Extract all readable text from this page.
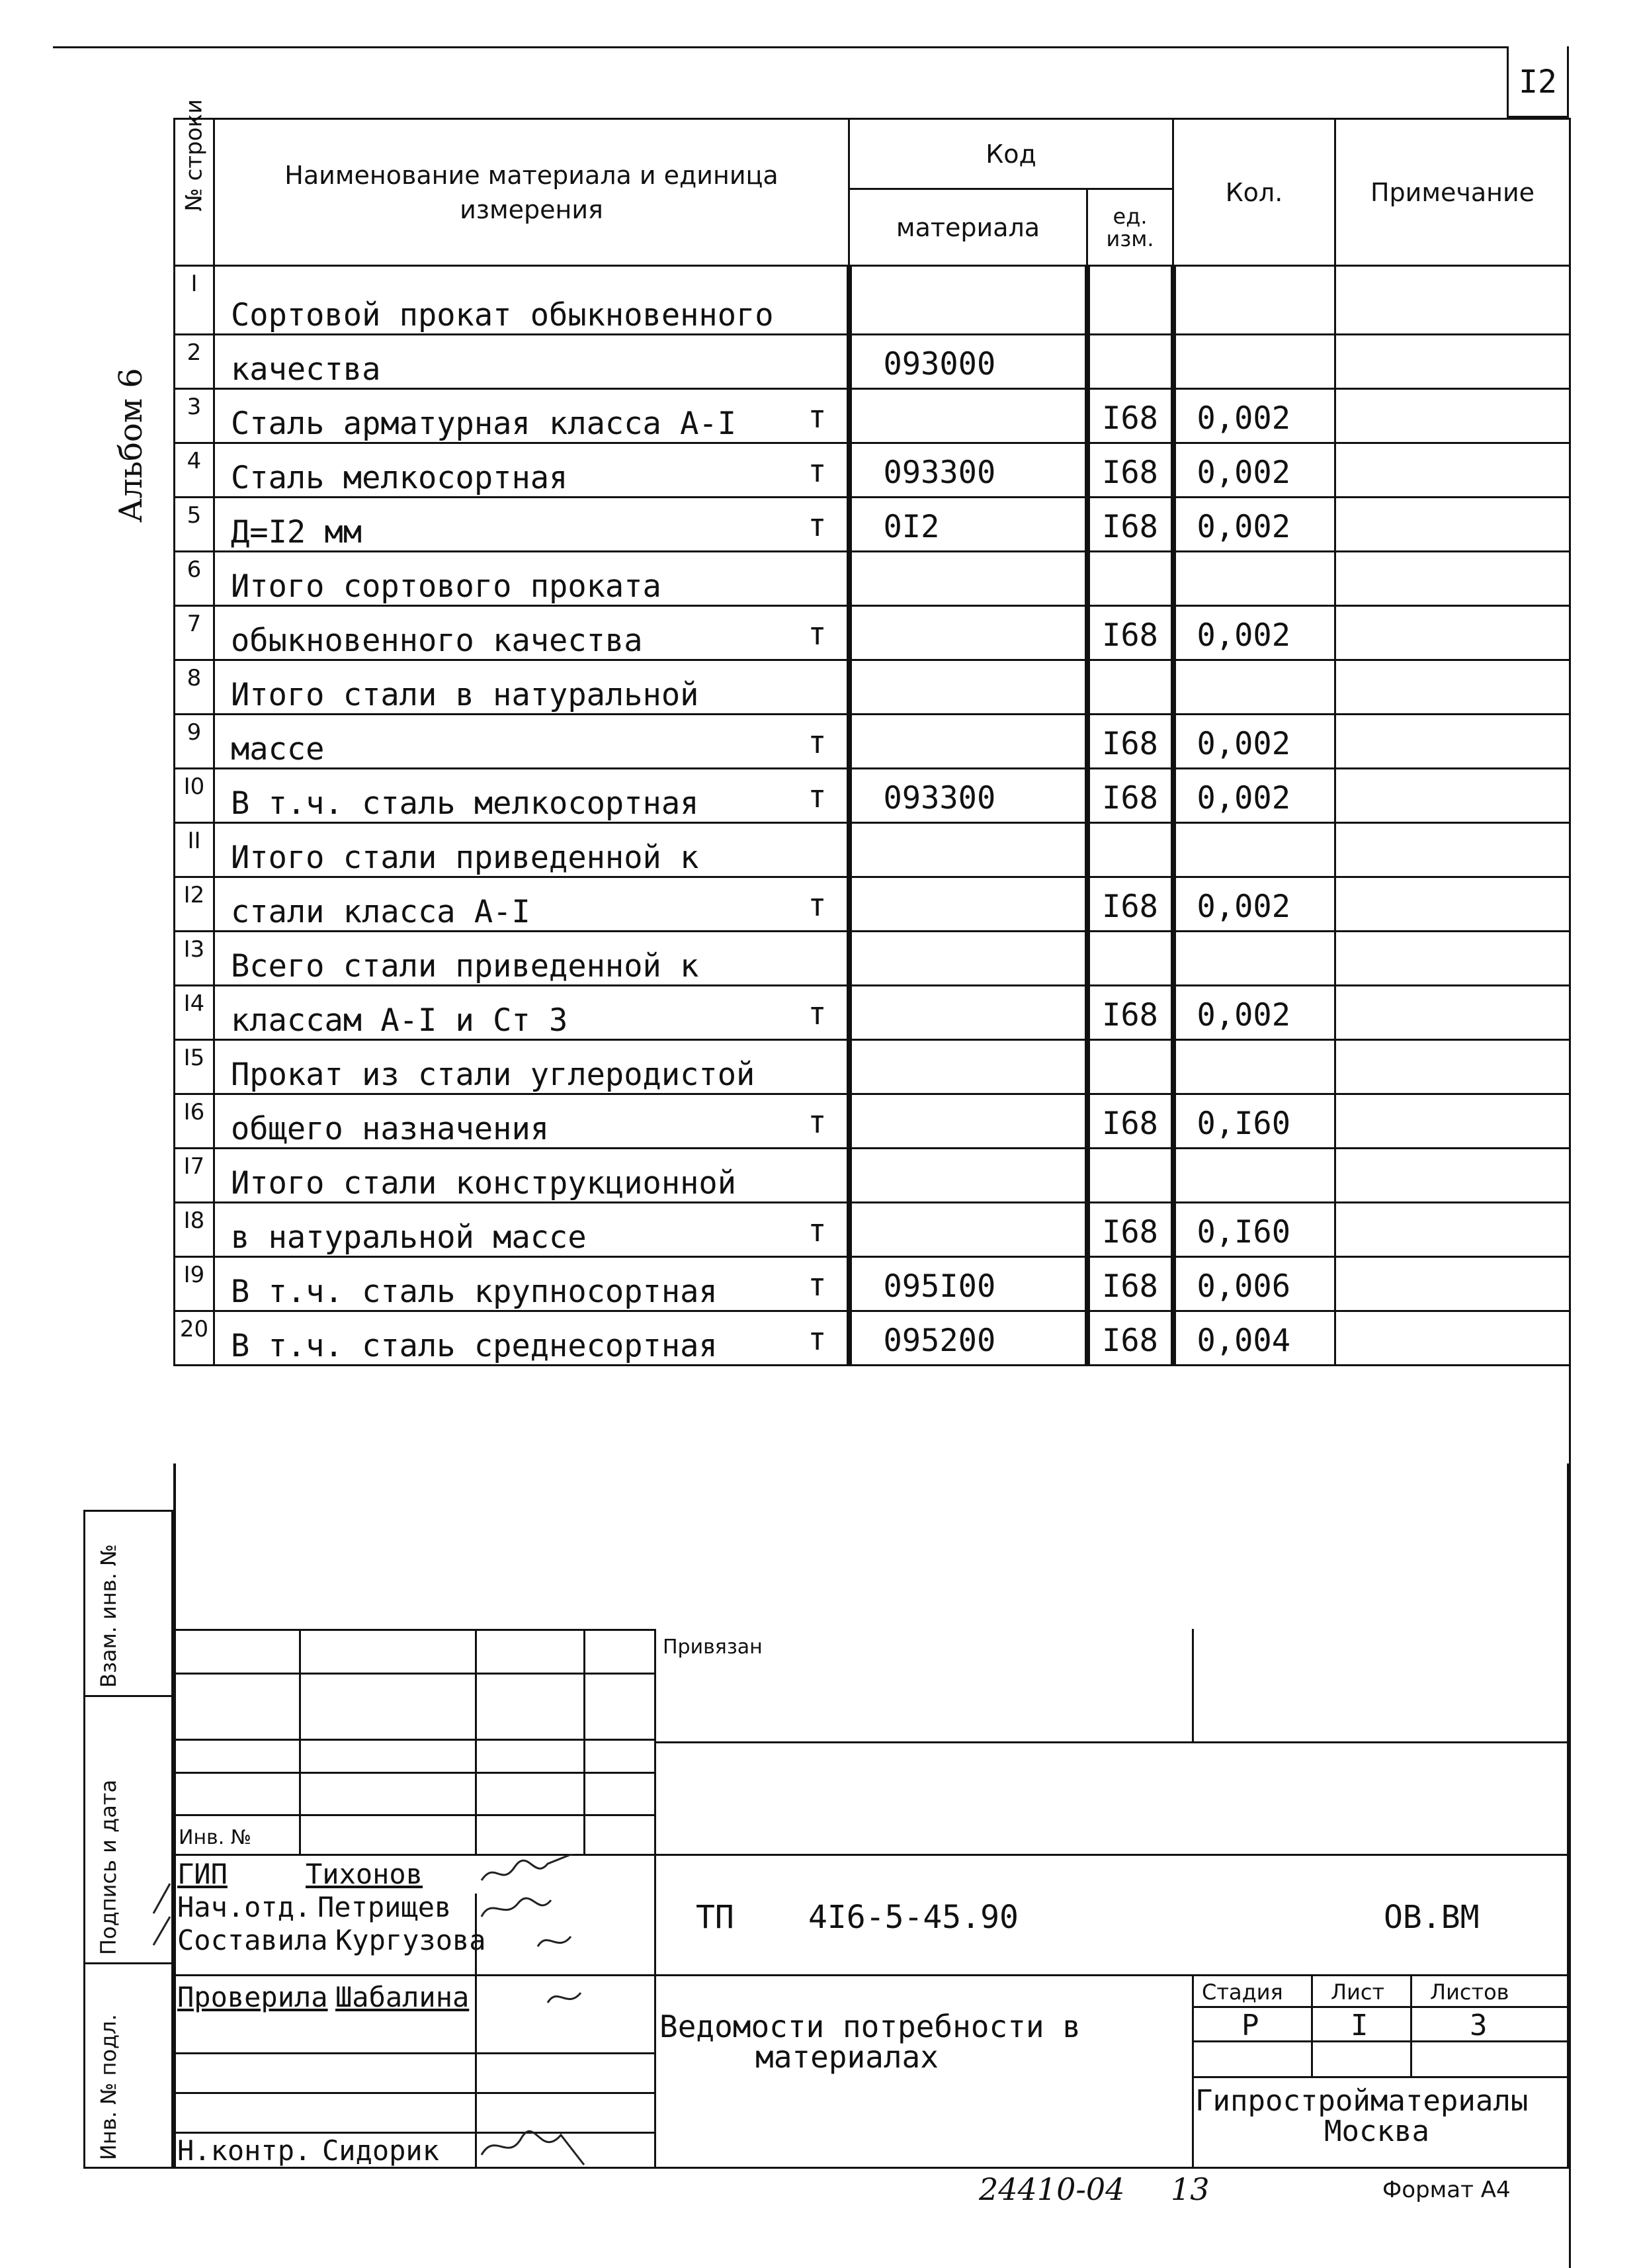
I2
Альбом 6
№ строки	Наименование материала и единица измерения	Код		Кол.	Примечание
		материала	ед. изм.		
I	Сортовой прокат обыкновенного

2	качества	093000			
3	Сталь арматурная класса А-I т		I68	0,002	
4	Сталь мелкосортная т	093300	I68	0,002	
5	Д=I2 мм т	0I2	I68	0,002	
6	Итого сортового проката

7	обыкновенного качества т		I68	0,002	
8	Итого стали в натуральной

9	массе т		I68	0,002	
I0	В т.ч. сталь мелкосортная т	093300	I68	0,002	
II	Итого стали приведенной к

I2	стали класса А-I т		I68	0,002	
I3	Всего стали приведенной к

I4	классам А-I и Ст 3 т		I68	0,002	
I5	Прокат из стали углеродистой

I6	общего назначения т		I68	0,I60	
I7	Итого стали конструкционной

I8	в натуральной массе т		I68	0,I60	
I9	В т.ч. сталь крупносортная т	095I00	I68	0,006	
20	В т.ч. сталь среднесортная т	095200	I68	0,004	
Взам. инв. №
Подпись и дата
Инв. № подл.
Привязан
Инв. №
ГИП	Тихонов
Нач.отд. Петрищев
Составила Кургузова
Проверила Шабалина
Н.контр. Сидорик
ТП 4I6-5-45.90	ОВ.ВМ
Ведомости потребности в
материалах
Стадия Лист Листов
Р	I	3
Гипростройматериалы
Москва
24410-04 13	Формат А4
